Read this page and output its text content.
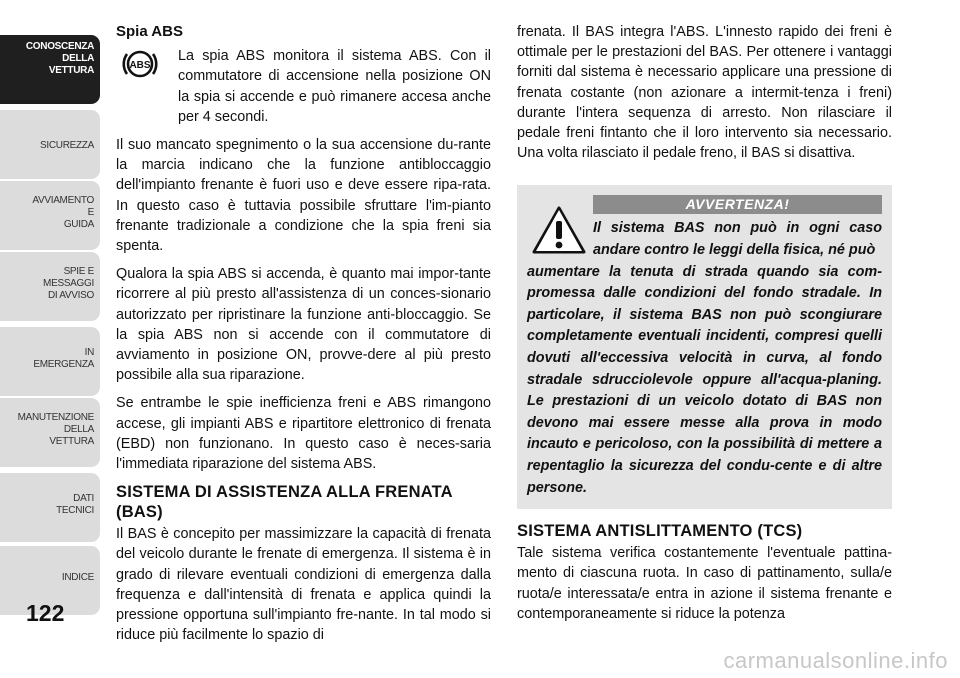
CONOSCENZA
DELLA
VETTURA
SICUREZZA
AVVIAMENTO
E
GUIDA
SPIE E
MESSAGGI
DI AVVISO
IN
EMERGENZA
MANUTENZIONE
DELLA
VETTURA
DATI
TECNICI
INDICE
122
Spia ABS
ABS

La spia ABS monitora il sistema ABS. Con il commutatore di accensione nella posizione ON la spia si accende e può rimanere accesa anche per 4 secondi.

Il suo mancato spegnimento o la sua accensione du-rante la marcia indicano che la funzione antibloccaggio dell'impianto frenante è fuori uso e deve essere ripa-rata. In questo caso è tuttavia possibile sfruttare l'im-pianto frenante tradizionale a condizione che la spia freni sia spenta.

Qualora la spia ABS si accenda, è quanto mai impor-tante ricorrere al più presto all'assistenza di un conces-sionario autorizzato per ripristinare la funzione anti-bloccaggio. Se la spia ABS non si accende con il commutatore di avviamento in posizione ON, provve-dere al più presto possibile alla sua riparazione.

Se entrambe le spie inefficienza freni e ABS rimangono accese, gli impianti ABS e ripartitore elettronico di frenata (EBD) non funzionano. In questo caso è neces-saria l'immediata riparazione del sistema ABS.

SISTEMA DI ASSISTENZA ALLA FRENATA (BAS)

Il BAS è concepito per massimizzare la capacità di frenata del veicolo durante le frenate di emergenza. Il sistema è in grado di rilevare eventuali condizioni di emergenza dalla frequenza e dall'intensità di frenata e applica quindi la pressione opportuna sull'impianto fre-nante. In tal modo si riduce più facilmente lo spazio di

frenata. Il BAS integra l'ABS. L'innesto rapido dei freni è ottimale per le prestazioni del BAS. Per ottenere i vantaggi forniti dal sistema è necessario applicare una pressione di frenata costante (non azionare a intermit-tenza i freni) durante l'intera sequenza di arresto. Non rilasciare il pedale freni fintanto che il loro intervento sia necessario. Una volta rilasciato il pedale freno, il BAS si disattiva.

AVVERTENZA!
Il sistema BAS non può in ogni caso andare contro le leggi della fisica, né può
aumentare la tenuta di strada quando sia com-promessa dalle condizioni del fondo stradale. In particolare, il sistema BAS non può scongiurare completamente eventuali incidenti, compresi quelli dovuti all'eccessiva velocità in curva, al fondo stradale sdrucciolevole oppure all'acqua-planing. Le prestazioni di un veicolo dotato di BAS non devono mai essere messe alla prova in modo incauto e pericoloso, con la possibilità di mettere a repentaglio la sicurezza del condu-cente e di altre persone.
SISTEMA ANTISLITTAMENTO (TCS)

Tale sistema verifica costantemente l'eventuale pattina-mento di ciascuna ruota. In caso di pattinamento, sulla/e ruota/e interessata/e entra in azione il sistema frenante e contemporaneamente si riduce la potenza

carmanualsonline.info
